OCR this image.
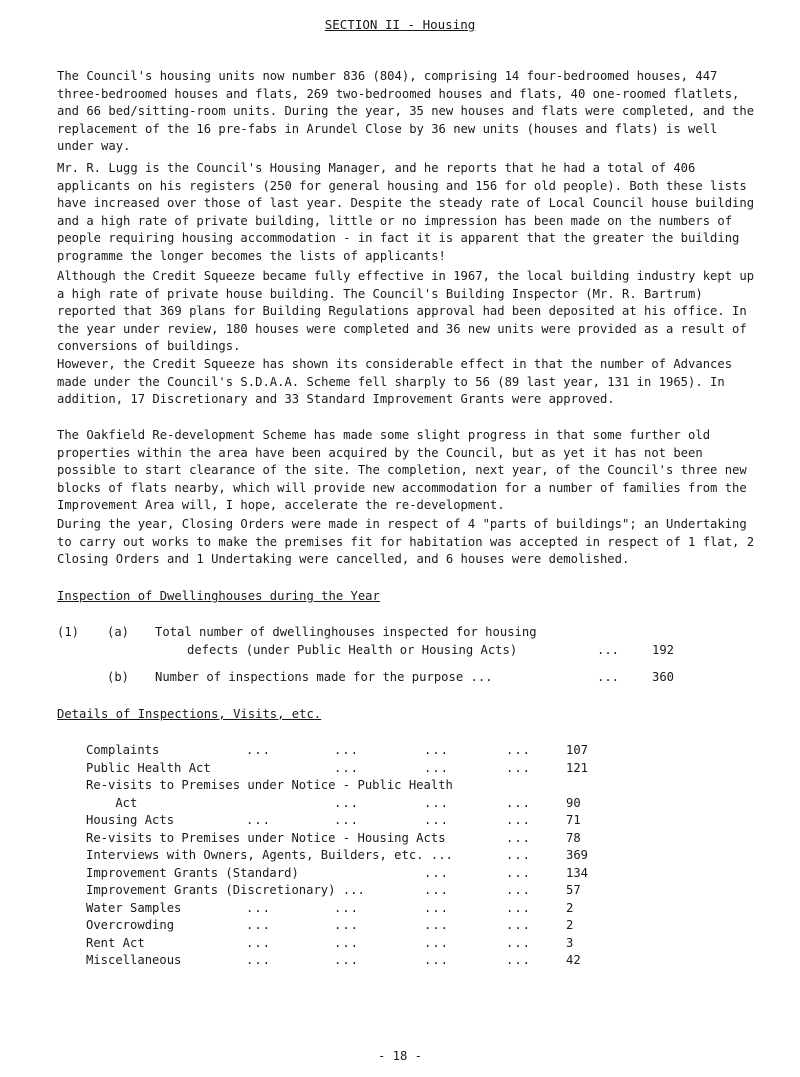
SECTION II - Housing

The Council's housing units now number 836 (804), comprising 14 four-bedroomed houses, 447 three-bedroomed houses and flats, 269 two-bedroomed houses and flats, 40 one-roomed flatlets, and 66 bed/sitting-room units. During the year, 35 new houses and flats were completed, and the replacement of the 16 pre-fabs in Arundel Close by 36 new units (houses and flats) is well under way.

Mr. R. Lugg is the Council's Housing Manager, and he reports that he had a total of 406 applicants on his registers (250 for general housing and 156 for old people). Both these lists have increased over those of last year. Despite the steady rate of Local Council house building and a high rate of private building, little or no impression has been made on the numbers of people requiring housing accommodation - in fact it is apparent that the greater the building programme the longer becomes the lists of applicants!

Although the Credit Squeeze became fully effective in 1967, the local building industry kept up a high rate of private house building. The Council's Building Inspector (Mr. R. Bartrum) reported that 369 plans for Building Regulations approval had been deposited at his office. In the year under review, 180 houses were completed and 36 new units were provided as a result of conversions of buildings.

However, the Credit Squeeze has shown its considerable effect in that the number of Advances made under the Council's S.D.A.A. Scheme fell sharply to 56 (89 last year, 131 in 1965). In addition, 17 Discretionary and 33 Standard Improvement Grants were approved.

The Oakfield Re-development Scheme has made some slight progress in that some further old properties within the area have been acquired by the Council, but as yet it has not been possible to start clearance of the site. The completion, next year, of the Council's three new blocks of flats nearby, which will provide new accommodation for a number of families from the Improvement Area will, I hope, accelerate the re-development.

During the year, Closing Orders were made in respect of 4 "parts of buildings"; an Undertaking to carry out works to make the premises fit for habitation was accepted in respect of 1 flat, 2 Closing Orders and 1 Undertaking were cancelled, and 6 houses were demolished.

Inspection of Dwellinghouses during the Year
(1) (a) Total number of dwellinghouses inspected for housing
defects (under Public Health or Housing Acts)	...	192
(b) Number of inspections made for the purpose ...	...	360
Details of Inspections, Visits, etc.
Complaints	...	...	...	...	107
Public Health Act	...	...	...	121
Re-visits to Premises under Notice - Public Health
Act	...	...	...	90
Housing Acts	...	...	...	...	71
Re-visits to Premises under Notice - Housing Acts	...	78
Interviews with Owners, Agents, Builders, etc. ...	...	369
Improvement Grants (Standard)	...	...	134
Improvement Grants (Discretionary) ...	...	...	57
Water Samples	...	...	...	...	2
Overcrowding	...	...	...	...	2
Rent Act	...	...	...	...	3
Miscellaneous	...	...	...	...	42
- 18 -
